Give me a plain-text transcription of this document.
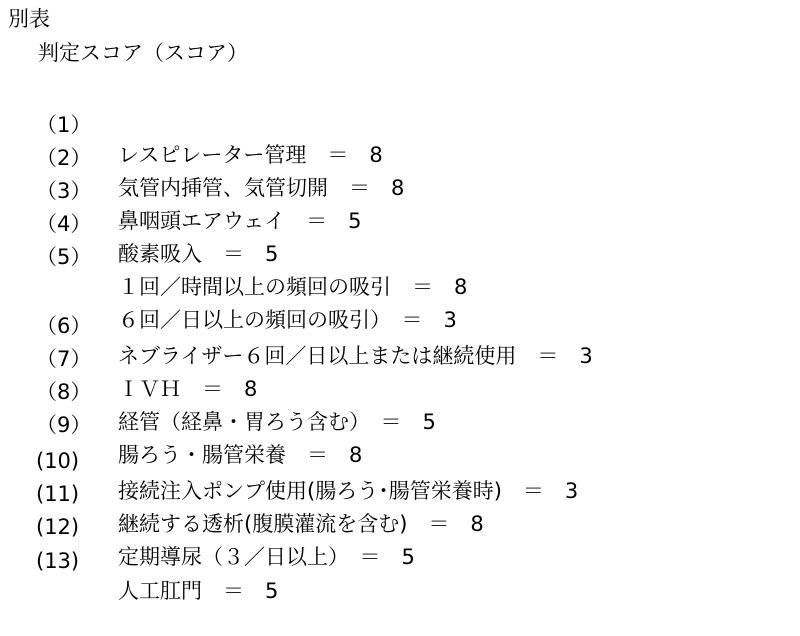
別表
判定スコア（スコア）

（1）

レスピレーター管理　＝　8

（2）

気管内挿管、気管切開　＝　8

（3）

鼻咽頭エアウェイ　＝　5

（4）

酸素吸入　＝　5

（5）

１回／時間以上の頻回の吸引　＝　8

６回／日以上の頻回の吸引）　＝　3

（6）

ネブライザー６回／日以上または継続使用　＝　3

（7）

ＩＶＨ　＝　8

（8）

経管（経鼻・胃ろう含む）　＝　5

（9）

腸ろう・腸管栄養　＝　8

(10)

接続注入ポンプ使用(腸ろう･腸管栄養時)　＝　3

(11)

継続する透析(腹膜灌流を含む)　＝　8

(12)

定期導尿（３／日以上）　＝　5

(13)

人工肛門　＝　5
